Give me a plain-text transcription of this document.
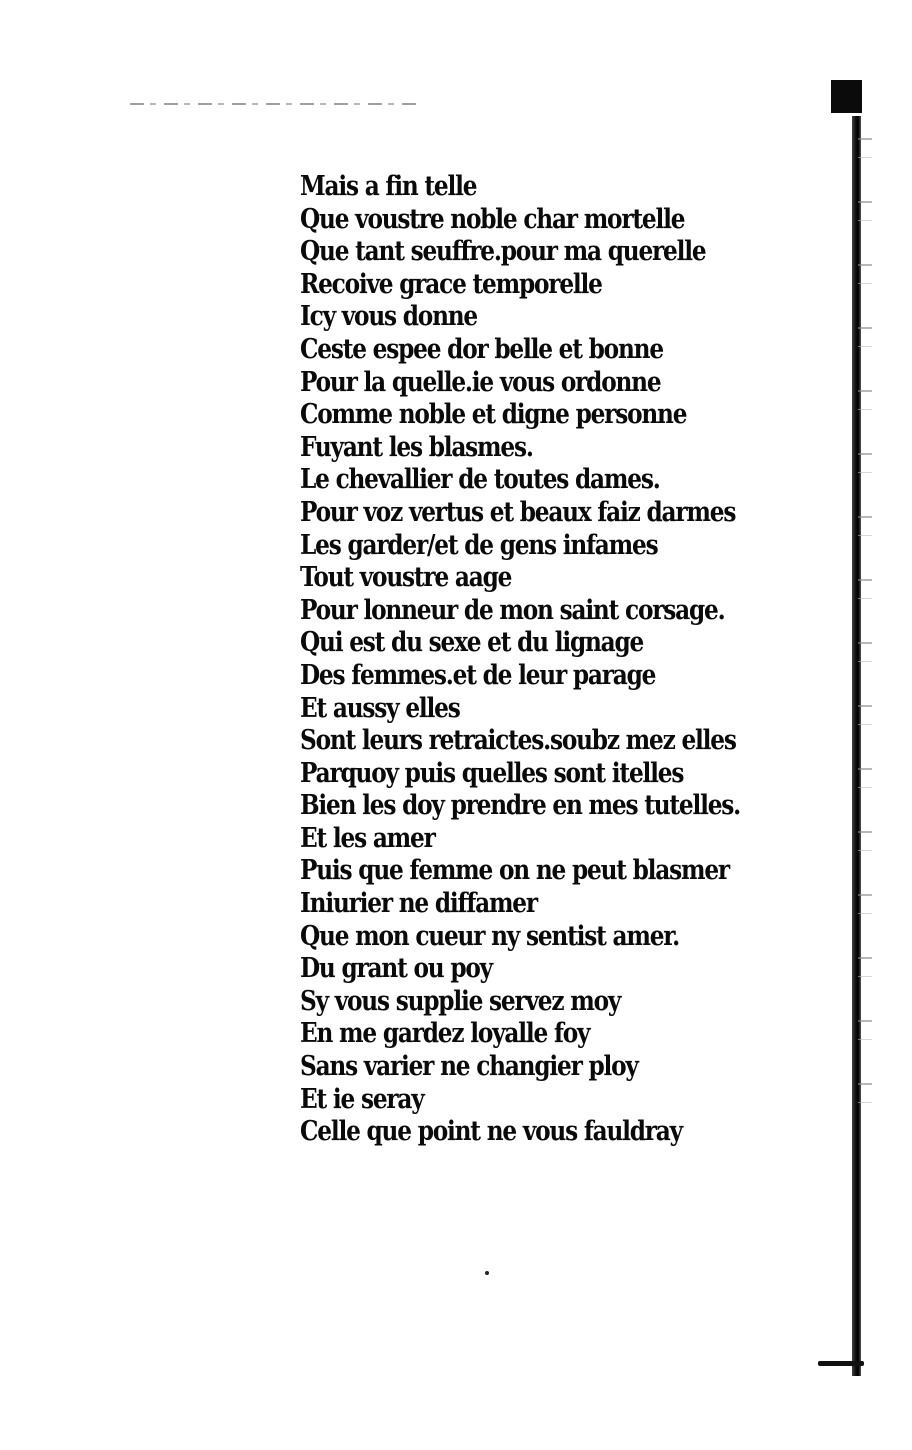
Mais a fin telle
Que voustre noble char mortelle
Que tant seuffre.pour ma querelle
Recoive grace temporelle
Icy vous donne
Ceste espee dor belle et bonne
Pour la quelle.ie vous ordonne
Comme noble et digne personne
Fuyant les blasmes.
Le chevallier de toutes dames.
Pour voz vertus et beaux faiz darmes
Les garder/et de gens infames
Tout voustre aage
Pour lonneur de mon saint corsage.
Qui est du sexe et du lignage
Des femmes.et de leur parage
Et aussy elles
Sont leurs retraictes.soubz mez elles
Parquoy puis quelles sont itelles
Bien les doy prendre en mes tutelles.
Et les amer
Puis que femme on ne peut blasmer
Iniurier ne diffamer
Que mon cueur ny sentist amer.
Du grant ou poy
Sy vous supplie servez moy
En me gardez loyalle foy
Sans varier ne changier ploy
Et ie seray
Celle que point ne vous fauldray
